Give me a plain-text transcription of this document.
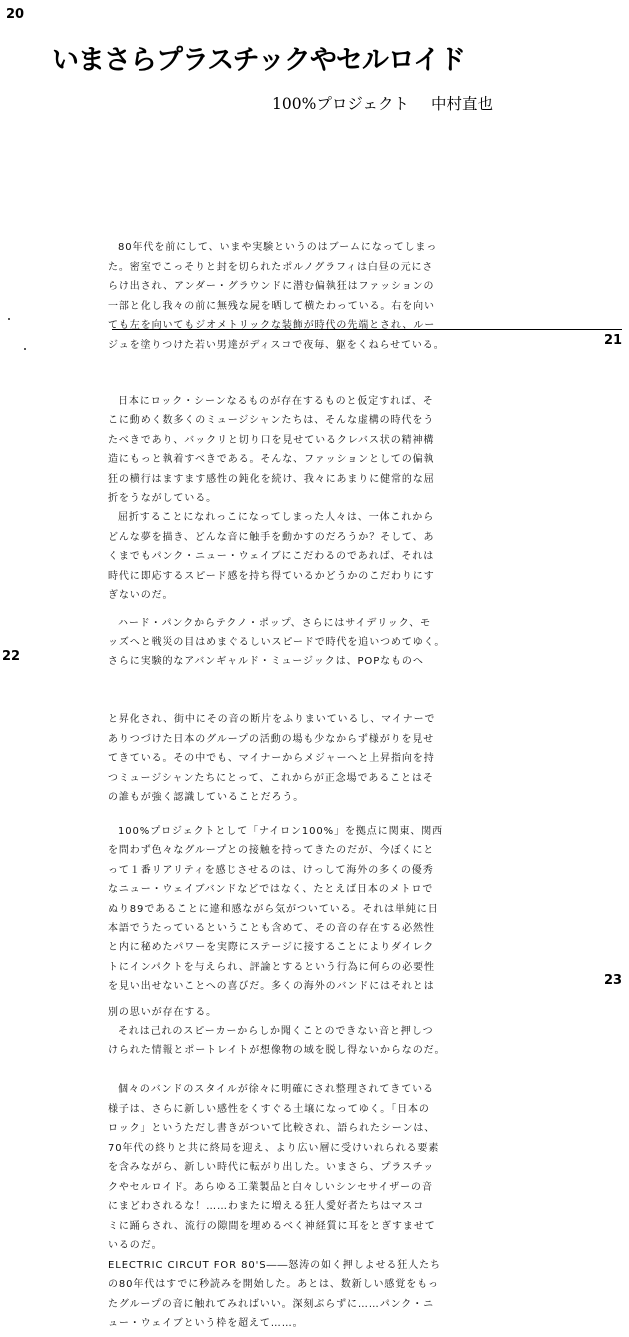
20
21
22
23
いまさらプラスチックやセルロイド
100%プロジェクト 中村直也
80年代を前にして、いまや実験というのはブームになってしまっ
た。密室でこっそりと封を切られたポルノグラフィは白昼の元にさ
らけ出され、アンダー・グラウンドに潜む偏執狂はファッションの
一部と化し我々の前に無残な屍を晒して横たわっている。右を向い
ても左を向いてもジオメトリックな装飾が時代の先端とされ、ルー
ジュを塗りつけた若い男達がディスコで夜毎、躯をくねらせている。
日本にロック・シーンなるものが存在するものと仮定すれば、そ
こに動めく数多くのミュージシャンたちは、そんな虚構の時代をう
たべきであり、バックリと切り口を見せているクレバス状の精神構
造にもっと執着すべきである。そんな、ファッションとしての偏執
狂の横行はますます感性の鈍化を続け、我々にあまりに健常的な屈
折をうながしている。
屈折することになれっこになってしまった人々は、一体これから
どんな夢を描き、どんな音に触手を動かすのだろうか？そして、あ
くまでもパンク・ニュー・ウェイブにこだわるのであれば、それは
時代に即応するスピード感を持ち得ているかどうかのこだわりにす
ぎないのだ。
ハード・パンクからテクノ・ポップ、さらにはサイデリック、モ
ッズへと戦災の目はめまぐるしいスピードで時代を追いつめてゆく。
さらに実験的なアバンギャルド・ミュージックは、POPなものへ
と昇化され、街中にその音の断片をふりまいているし、マイナーで
ありつづけた日本のグループの活動の場も少なからず様がりを見せ
てきている。その中でも、マイナーからメジャーへと上昇指向を持
つミュージシャンたちにとって、これからが正念場であることはそ
の誰もが強く認識していることだろう。
100%プロジェクトとして「ナイロン100%」を拠点に関東、関西
を問わず色々なグループとの接触を持ってきたのだが、今ぼくにと
って１番リアリティを感じさせるのは、けっして海外の多くの優秀
なニュー・ウェイブバンドなどではなく、たとえば日本のメトロで
ぬり89であることに違和感ながら気がついている。それは単純に日
本語でうたっているということも含めて、その音の存在する必然性
と内に秘めたパワーを実際にステージに接することによりダイレク
トにインパクトを与えられ、評論とするという行為に何らの必要性
を見い出せないことへの喜びだ。多くの海外のバンドにはそれとは
別の思いが存在する。
それは己れのスピーカーからしか聞くことのできない音と押しつ
けられた情報とポートレイトが想像物の域を脱し得ないからなのだ。
個々のバンドのスタイルが徐々に明確にされ整理されてきている
様子は、さらに新しい感性をくすぐる土壌になってゆく。「日本の
ロック」というただし書きがついて比較され、語られたシーンは、
70年代の終りと共に終局を迎え、より広い層に受けいれられる要素
を含みながら、新しい時代に転がり出した。いまさら、プラスチッ
クやセルロイド。あらゆる工業製品と白々しいシンセサイザーの音
にまどわされるな！……わまたに増える狂人愛好者たちはマスコ
ミに踊らされ、流行の隙間を埋めるべく神経質に耳をとぎすませて
いるのだ。
ELECTRIC CIRCUT FOR 80'S――怒涛の如く押しよせる狂人たち
の80年代はすでに秒読みを開始した。あとは、数新しい感覚をもっ
たグループの音に触れてみればいい。深刻ぶらずに……パンク・ニ
ュー・ウェイブという枠を超えて……。
